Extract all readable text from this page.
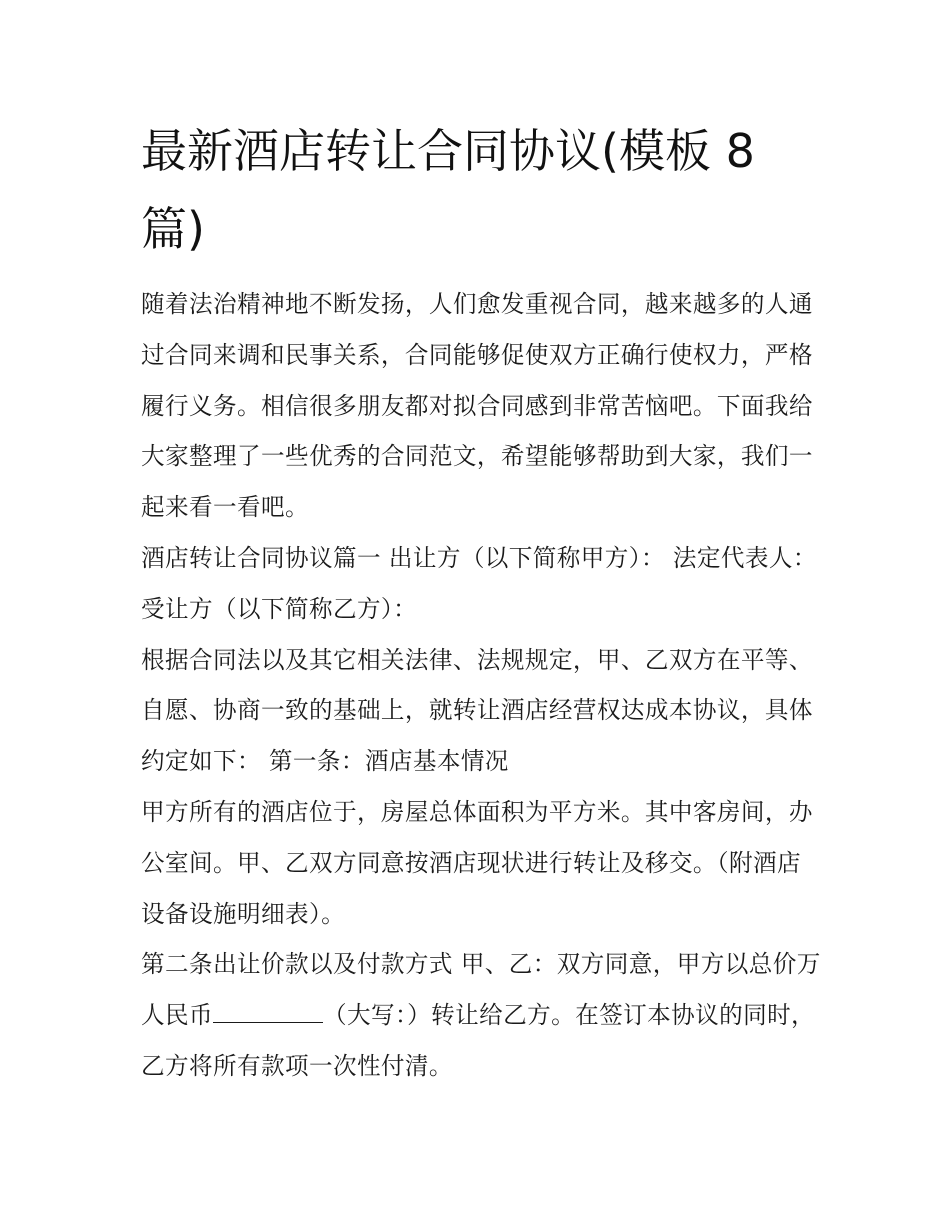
最新酒店转让合同协议(模板 8 篇)

随着法治精神地不断发扬，人们愈发重视合同，越来越多的人通过合同来调和民事关系，合同能够促使双方正确行使权力，严格履行义务。相信很多朋友都对拟合同感到非常苦恼吧。下面我给大家整理了一些优秀的合同范文，希望能够帮助到大家，我们一起来看一看吧。

酒店转让合同协议篇一 出让方（以下简称甲方）： 法定代表人： 受让方（以下简称乙方）：

根据合同法以及其它相关法律、法规规定，甲、乙双方在平等、自愿、协商一致的基础上，就转让酒店经营权达成本协议，具体约定如下： 第一条：酒店基本情况

甲方所有的酒店位于，房屋总体面积为平方米。其中客房间，办公室间。甲、乙双方同意按酒店现状进行转让及移交。（附酒店设备设施明细表）。

第二条出让价款以及付款方式 甲、乙：双方同意，甲方以总价万人民币	（大写：）转让给乙方。在签订本协议的同时，乙方将所有款项一次性付清。
